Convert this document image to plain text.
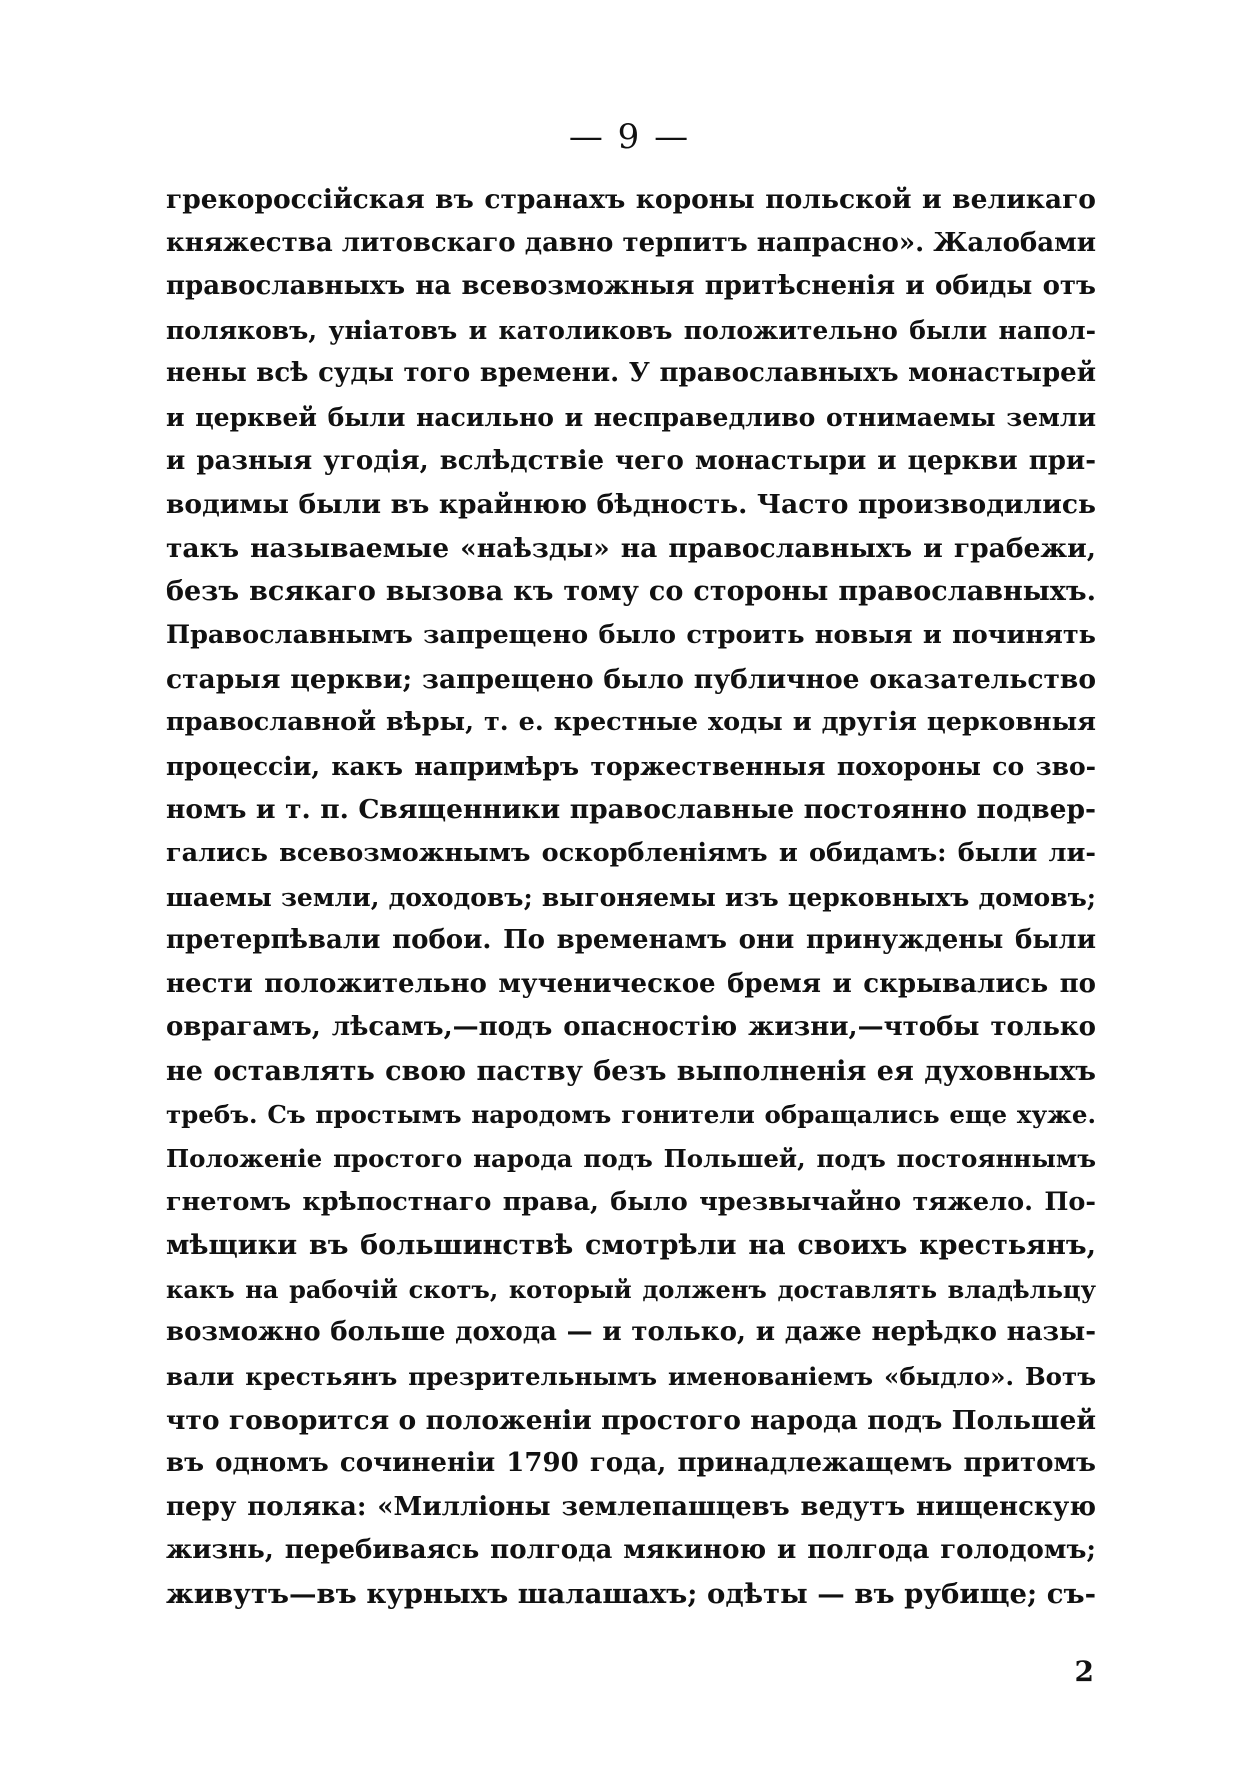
— 9 —
грекороссійская въ странахъ короны польской и великаго
княжества литовскаго давно терпитъ напрасно». Жалобами
православныхъ на всевозможныя притѣсненія и обиды отъ
поляковъ, уніатовъ и католиковъ положительно были напол-
нены всѣ суды того времени. У православныхъ монастырей
и церквей были насильно и несправедливо отнимаемы земли
и разныя угодія, вслѣдствіе чего монастыри и церкви при-
водимы были въ крайнюю бѣдность. Часто производились
такъ называемые «наѣзды» на православныхъ и грабежи,
безъ всякаго вызова къ тому со стороны православныхъ.
Православнымъ запрещено было строить новыя и починять
старыя церкви; запрещено было публичное оказательство
православной вѣры, т. е. крестные ходы и другія церковныя
процессіи, какъ напримѣръ торжественныя похороны со зво-
номъ и т. п. Священники православные постоянно подвер-
гались всевозможнымъ оскорбленіямъ и обидамъ: были ли-
шаемы земли, доходовъ; выгоняемы изъ церковныхъ домовъ;
претерпѣвали побои. По временамъ они принуждены были
нести положительно мученическое бремя и скрывались по
оврагамъ, лѣсамъ,—подъ опасностію жизни,—чтобы только
не оставлять свою паству безъ выполненія ея духовныхъ
требъ. Съ простымъ народомъ гонители обращались еще хуже.
Положеніе простого народа подъ Польшей, подъ постояннымъ
гнетомъ крѣпостнаго права, было чрезвычайно тяжело. По-
мѣщики въ большинствѣ смотрѣли на своихъ крестьянъ,
какъ на рабочій скотъ, который долженъ доставлять владѣльцу
возможно больше дохода — и только, и даже нерѣдко назы-
вали крестьянъ презрительнымъ именованіемъ «быдло». Вотъ
что говорится о положеніи простого народа подъ Польшей
въ одномъ сочиненіи 1790 года, принадлежащемъ притомъ
перу поляка: «Милліоны землепашцевъ ведутъ нищенскую
жизнь, перебиваясь полгода мякиною и полгода голодомъ;
живутъ—въ курныхъ шалашахъ; одѣты — въ рубище; съ-
2
